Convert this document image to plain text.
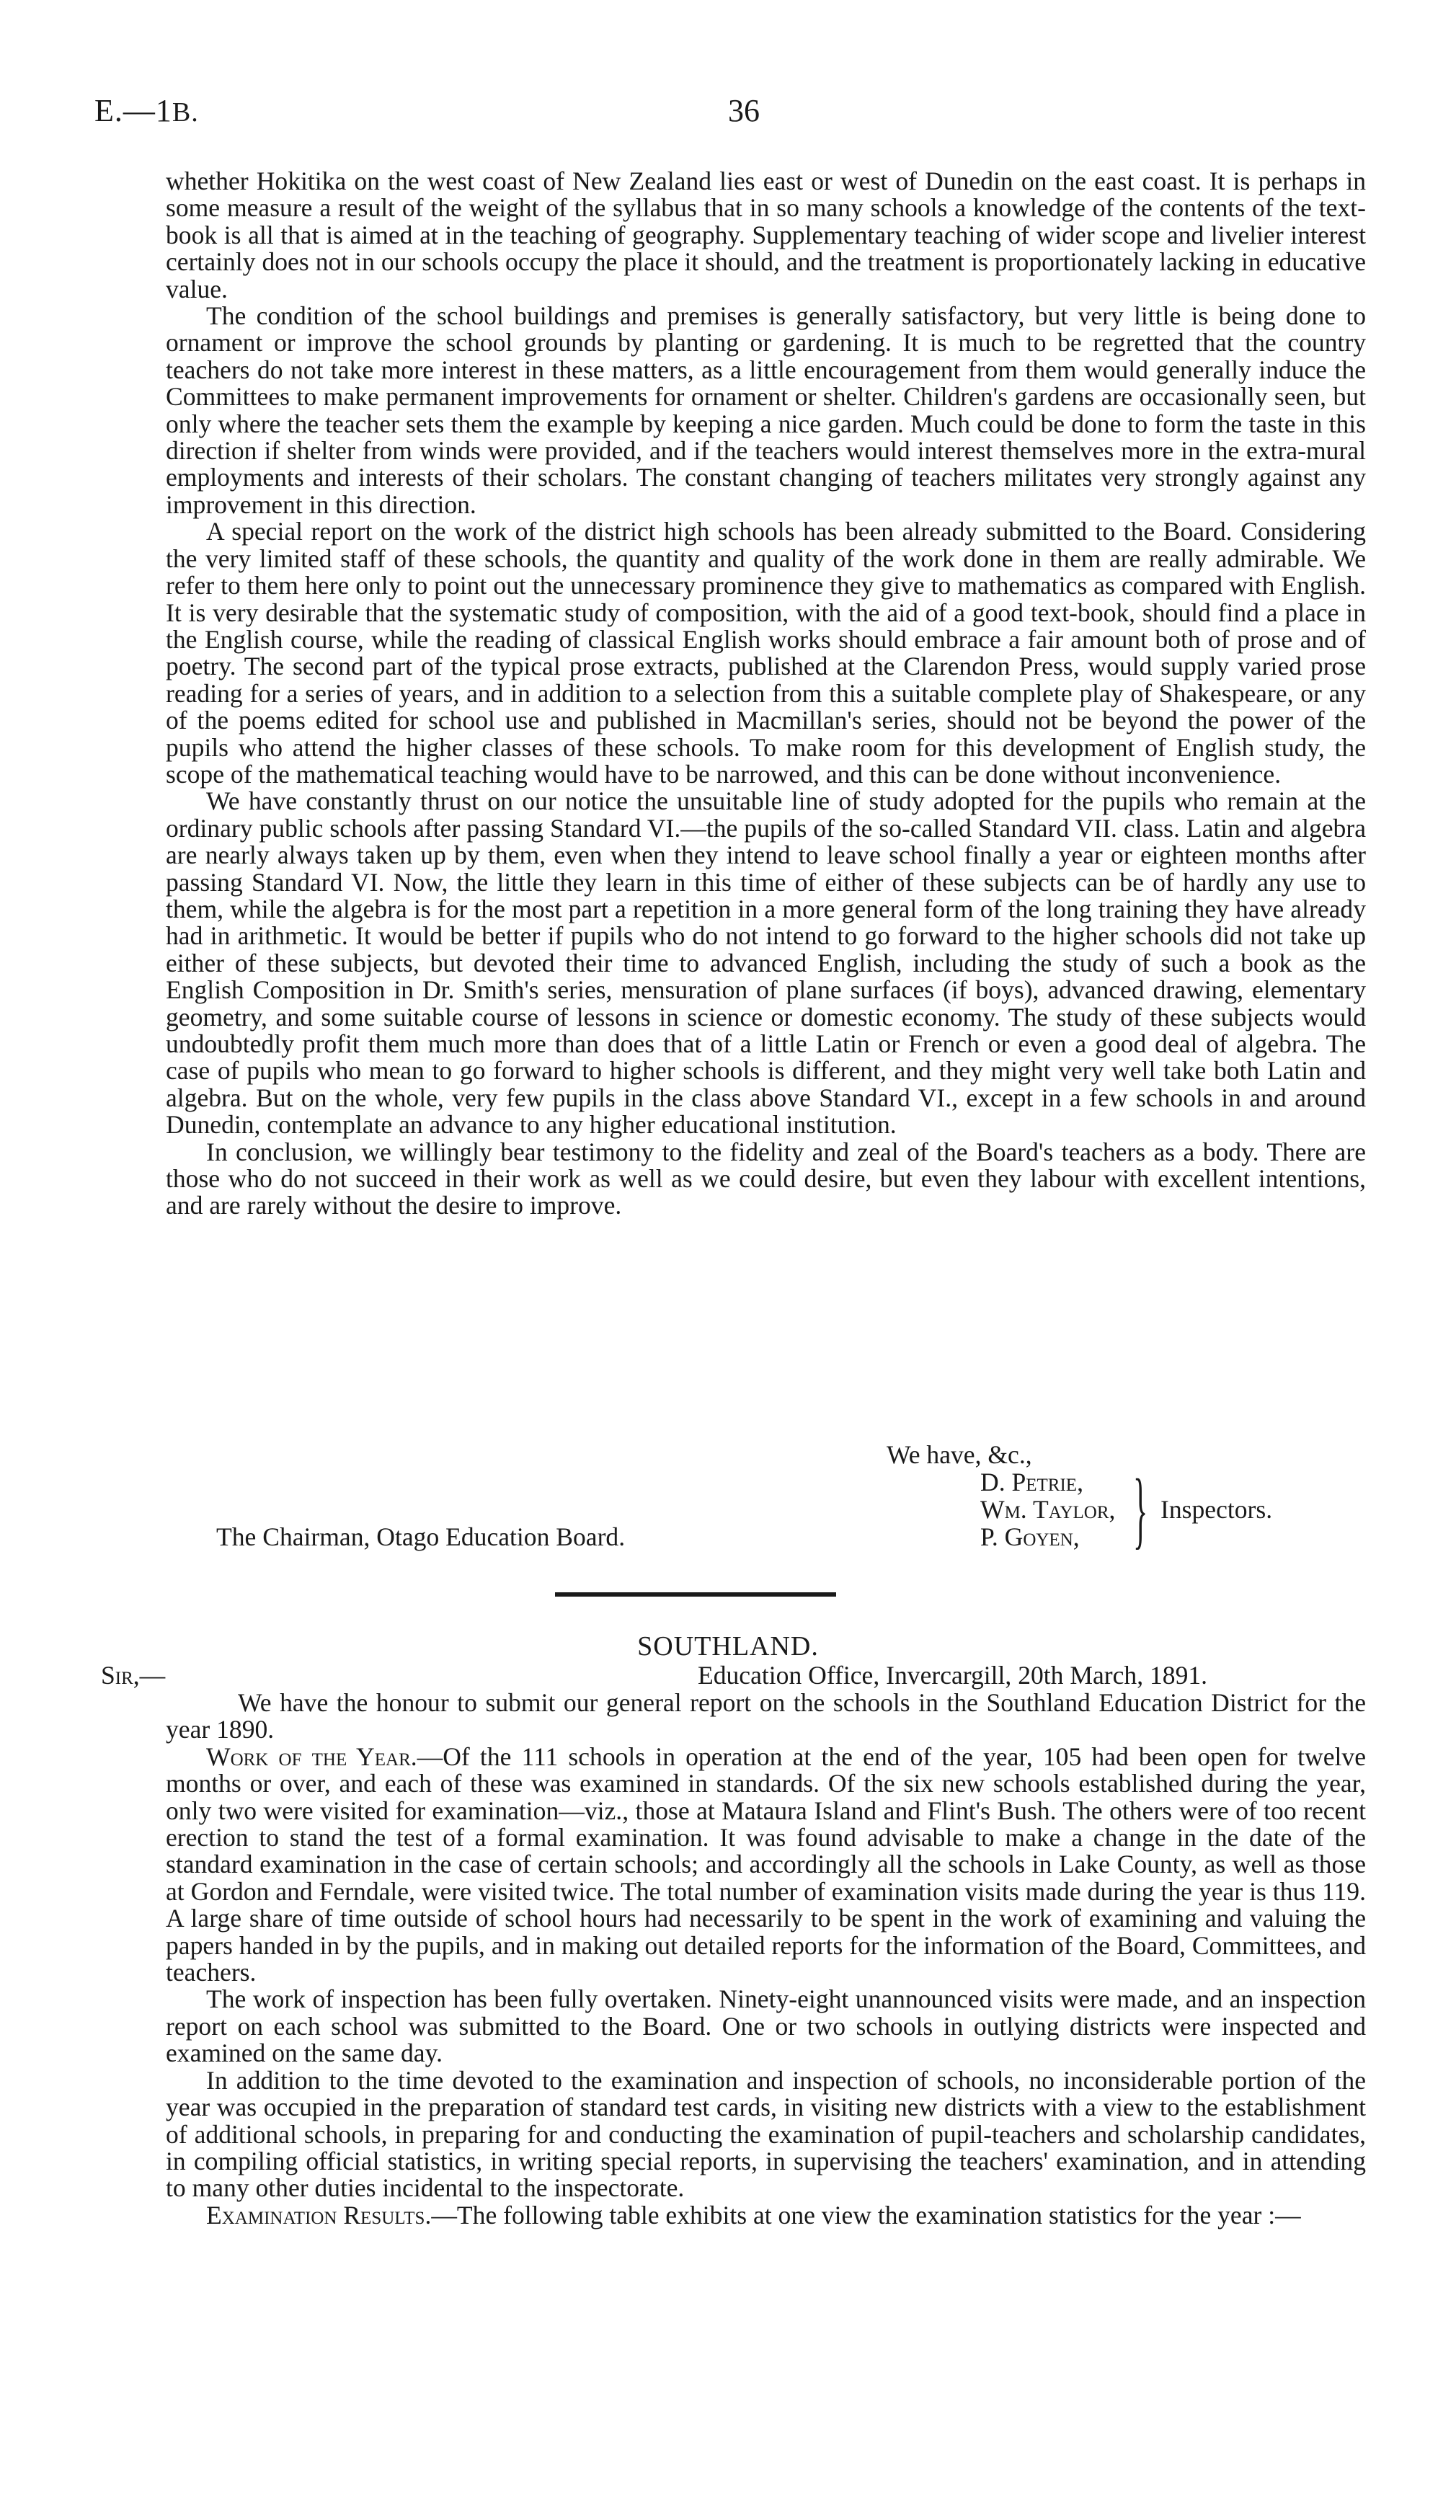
E.—1B.	36

whether Hokitika on the west coast of New Zealand lies east or west of Dunedin on the east coast. It is perhaps in some measure a result of the weight of the syllabus that in so many schools a knowledge of the contents of the text-book is all that is aimed at in the teaching of geography. Supplementary teaching of wider scope and livelier interest certainly does not in our schools occupy the place it should, and the treatment is proportionately lacking in educative value.

The condition of the school buildings and premises is generally satisfactory, but very little is being done to ornament or improve the school grounds by planting or gardening. It is much to be regretted that the country teachers do not take more interest in these matters, as a little encouragement from them would generally induce the Committees to make permanent improvements for ornament or shelter. Children's gardens are occasionally seen, but only where the teacher sets them the example by keeping a nice garden. Much could be done to form the taste in this direction if shelter from winds were provided, and if the teachers would interest themselves more in the extra-mural employments and interests of their scholars. The constant changing of teachers militates very strongly against any improvement in this direction.

A special report on the work of the district high schools has been already submitted to the Board. Considering the very limited staff of these schools, the quantity and quality of the work done in them are really admirable. We refer to them here only to point out the unnecessary prominence they give to mathematics as compared with English. It is very desirable that the systematic study of composition, with the aid of a good text-book, should find a place in the English course, while the reading of classical English works should embrace a fair amount both of prose and of poetry. The second part of the typical prose extracts, published at the Clarendon Press, would supply varied prose reading for a series of years, and in addition to a selection from this a suitable complete play of Shakespeare, or any of the poems edited for school use and published in Macmillan's series, should not be beyond the power of the pupils who attend the higher classes of these schools. To make room for this development of English study, the scope of the mathematical teaching would have to be narrowed, and this can be done without inconvenience.

We have constantly thrust on our notice the unsuitable line of study adopted for the pupils who remain at the ordinary public schools after passing Standard VI.—the pupils of the so-called Standard VII. class. Latin and algebra are nearly always taken up by them, even when they intend to leave school finally a year or eighteen months after passing Standard VI. Now, the little they learn in this time of either of these subjects can be of hardly any use to them, while the algebra is for the most part a repetition in a more general form of the long training they have already had in arithmetic. It would be better if pupils who do not intend to go forward to the higher schools did not take up either of these subjects, but devoted their time to advanced English, including the study of such a book as the English Composition in Dr. Smith's series, mensuration of plane surfaces (if boys), advanced drawing, elementary geometry, and some suitable course of lessons in science or domestic economy. The study of these subjects would undoubtedly profit them much more than does that of a little Latin or French or even a good deal of algebra. The case of pupils who mean to go forward to higher schools is different, and they might very well take both Latin and algebra. But on the whole, very few pupils in the class above Standard VI., except in a few schools in and around Dunedin, contemplate an advance to any higher educational institution.

In conclusion, we willingly bear testimony to the fidelity and zeal of the Board's teachers as a body. There are those who do not succeed in their work as well as we could desire, but even they labour with excellent intentions, and are rarely without the desire to improve.

We have, &c.,
D. Petrie,
Wm. Taylor,
P. Goyen, } Inspectors.
The Chairman, Otago Education Board.
SOUTHLAND.
Sir,—	Education Office, Invercargill, 20th March, 1891.

We have the honour to submit our general report on the schools in the Southland Education District for the year 1890.

Work of the Year.—Of the 111 schools in operation at the end of the year, 105 had been open for twelve months or over, and each of these was examined in standards. Of the six new schools established during the year, only two were visited for examination—viz., those at Mataura Island and Flint's Bush. The others were of too recent erection to stand the test of a formal examination. It was found advisable to make a change in the date of the standard examination in the case of certain schools; and accordingly all the schools in Lake County, as well as those at Gordon and Ferndale, were visited twice. The total number of examination visits made during the year is thus 119. A large share of time outside of school hours had necessarily to be spent in the work of examining and valuing the papers handed in by the pupils, and in making out detailed reports for the information of the Board, Committees, and teachers.

The work of inspection has been fully overtaken. Ninety-eight unannounced visits were made, and an inspection report on each school was submitted to the Board. One or two schools in outlying districts were inspected and examined on the same day.

In addition to the time devoted to the examination and inspection of schools, no inconsiderable portion of the year was occupied in the preparation of standard test cards, in visiting new districts with a view to the establishment of additional schools, in preparing for and conducting the examination of pupil-teachers and scholarship candidates, in compiling official statistics, in writing special reports, in supervising the teachers' examination, and in attending to many other duties incidental to the inspectorate.

Examination Results.—The following table exhibits at one view the examination statistics for the year :—
